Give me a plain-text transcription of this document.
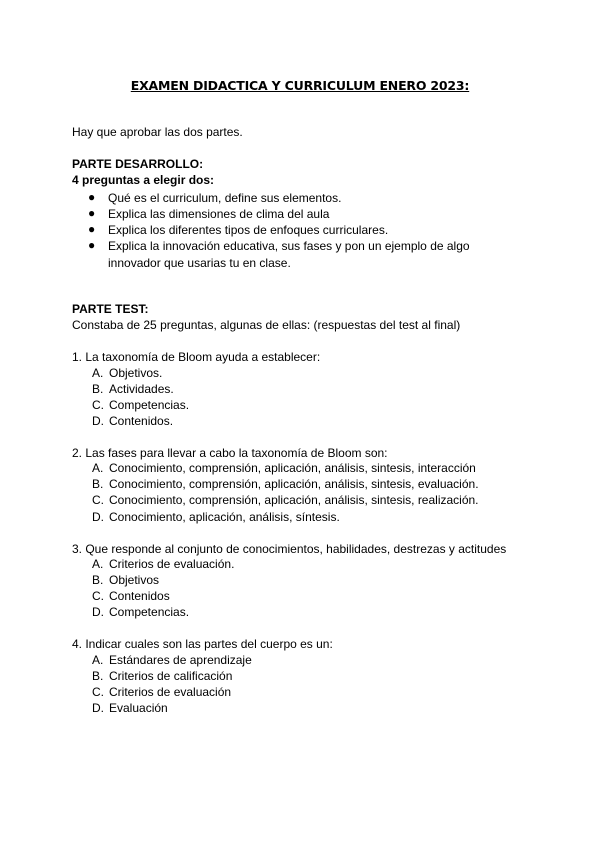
EXAMEN DIDACTICA Y CURRICULUM ENERO 2023:

Hay que aprobar las dos partes.

PARTE DESARROLLO:

4 preguntas a elegir dos:

● Qué es el curriculum, define sus elementos.
● Explica las dimensiones de clima del aula
● Explica los diferentes tipos de enfoques curriculares.
● Explica la innovación educativa, sus fases y pon un ejemplo de algo
innovador que usarias tu en clase.

PARTE TEST:

Constaba de 25 preguntas, algunas de ellas: (respuestas del test al final)

1. La taxonomía de Bloom ayuda a establecer:

A. Objetivos.
B. Actividades.
C. Competencias.
D. Contenidos.

2. Las fases para llevar a cabo la taxonomía de Bloom son:

A. Conocimiento, comprensión, aplicación, análisis, sintesis, interacción
B. Conocimiento, comprensión, aplicación, análisis, sintesis, evaluación.
C. Conocimiento, comprensión, aplicación, análisis, sintesis, realización.
D. Conocimiento, aplicación, análisis, síntesis.

3. Que responde al conjunto de conocimientos, habilidades, destrezas y actitudes

A. Criterios de evaluación.
B. Objetivos
C. Contenidos
D. Competencias.

4. Indicar cuales son las partes del cuerpo es un:

A. Estándares de aprendizaje
B. Criterios de calificación
C. Criterios de evaluación
D. Evaluación
